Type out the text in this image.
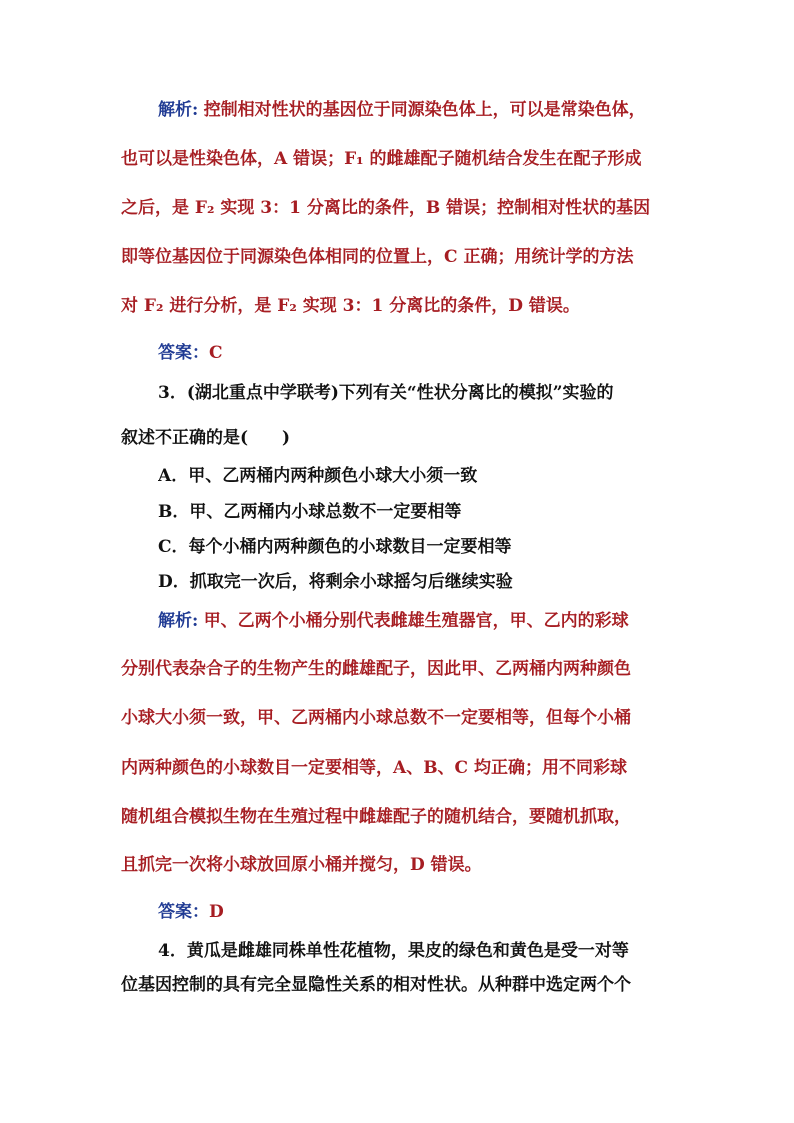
解析: 控制相对性状的基因位于同源染色体上，可以是常染色体，
也可以是性染色体，A 错误；F₁ 的雌雄配子随机结合发生在配子形成
之后，是 F₂ 实现 3：1 分离比的条件，B 错误；控制相对性状的基因
即等位基因位于同源染色体相同的位置上，C 正确；用统计学的方法
对 F₂ 进行分析，是 F₂ 实现 3：1 分离比的条件，D 错误。
答案：C
3．(湖北重点中学联考)下列有关“性状分离比的模拟”实验的
叙述不正确的是(　　)
A．甲、乙两桶内两种颜色小球大小须一致
B．甲、乙两桶内小球总数不一定要相等
C．每个小桶内两种颜色的小球数目一定要相等
D．抓取完一次后，将剩余小球摇匀后继续实验
解析: 甲、乙两个小桶分别代表雌雄生殖器官，甲、乙内的彩球
分别代表杂合子的生物产生的雌雄配子，因此甲、乙两桶内两种颜色
小球大小须一致，甲、乙两桶内小球总数不一定要相等，但每个小桶
内两种颜色的小球数目一定要相等，A、B、C 均正确；用不同彩球
随机组合模拟生物在生殖过程中雌雄配子的随机结合，要随机抓取，
且抓完一次将小球放回原小桶并搅匀，D 错误。
答案：D
4．黄瓜是雌雄同株单性花植物，果皮的绿色和黄色是受一对等
位基因控制的具有完全显隐性关系的相对性状。从种群中选定两个个
